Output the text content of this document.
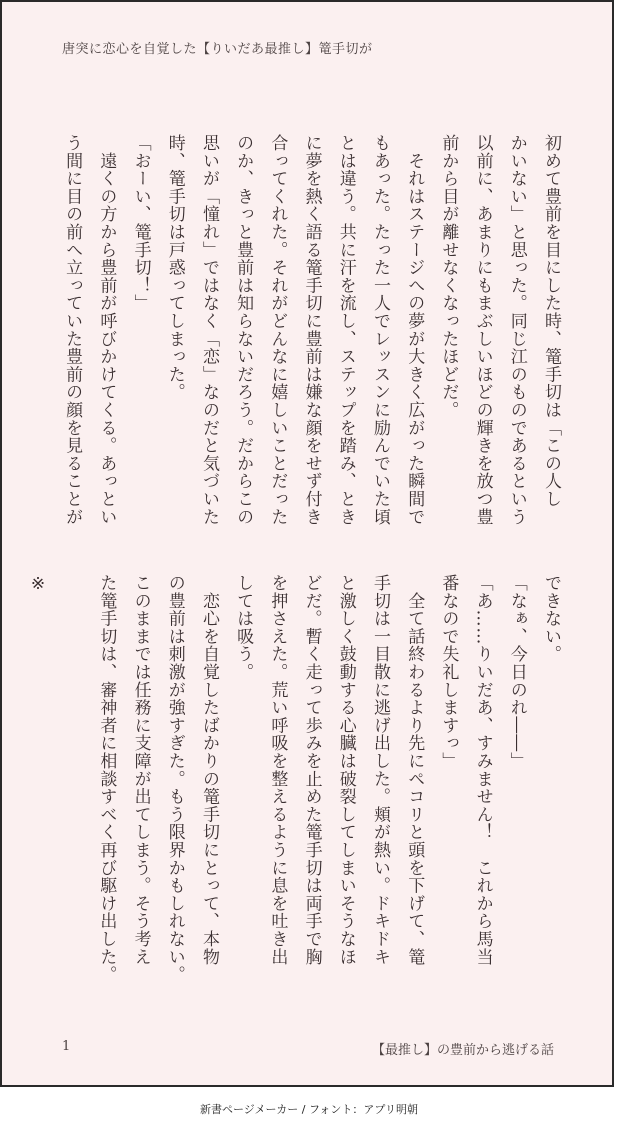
唐突に恋心を自覚した【りいだあ最推し】篭手切が
初めて豊前を目にした時、篭手切は「この人し
かいない」と思った。同じ江のものであるという
以前に、あまりにもまぶしいほどの輝きを放つ豊
前から目が離せなくなったほどだ。
　それはステージへの夢が大きく広がった瞬間で
もあった。たった一人でレッスンに励んでいた頃
とは違う。共に汗を流し、ステップを踏み、とき
に夢を熱く語る篭手切に豊前は嫌な顔をせず付き
合ってくれた。それがどんなに嬉しいことだった
のか、きっと豊前は知らないだろう。だからこの
思いが「憧れ」ではなく「恋」なのだと気づいた
時、篭手切は戸惑ってしまった。
「おーい、篭手切！」
　遠くの方から豊前が呼びかけてくる。あっとい
う間に目の前へ立っていた豊前の顔を見ることが
できない。
「なぁ、今日のれ――」
「あ……りいだあ、すみません！　これから馬当
番なので失礼しますっ」
　全て話終わるより先にペコリと頭を下げて、篭
手切は一目散に逃げ出した。頬が熱い。ドキドキ
と激しく鼓動する心臓は破裂してしまいそうなほ
どだ。暫く走って歩みを止めた篭手切は両手で胸
を押さえた。荒い呼吸を整えるように息を吐き出
しては吸う。
　恋心を自覚したばかりの篭手切にとって、本物
の豊前は刺激が強すぎた。もう限界かもしれない。
このままでは任務に支障が出てしまう。そう考え
た篭手切は、審神者に相談すべく再び駆け出した。

※
1	【最推し】の豊前から逃げる話
新書ページメーカー / フォント：アプリ明朝
